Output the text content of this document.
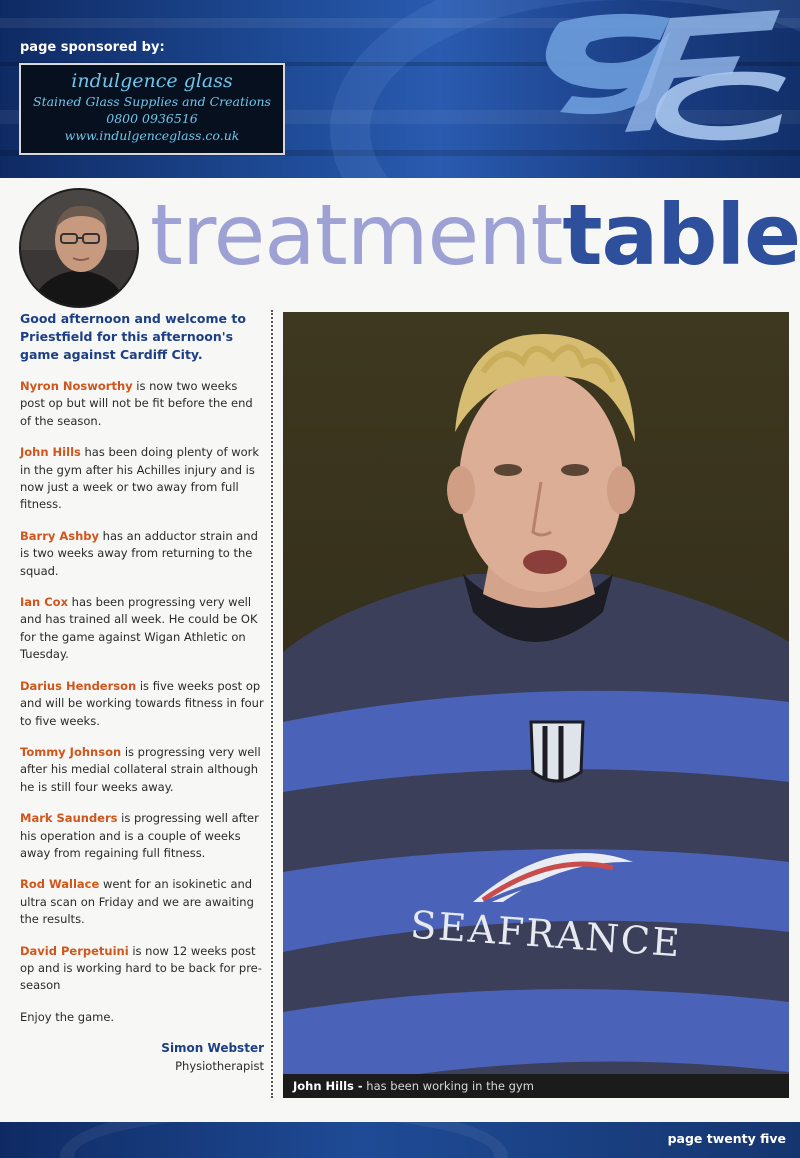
page sponsored by:
indulgence glass
Stained Glass Supplies and Creations
0800 0936516
www.indulgenceglass.co.uk
treatmenttable

Good afternoon and welcome to Priestfield for this afternoon's game against Cardiff City.

Nyron Nosworthy is now two weeks post op but will not be fit before the end of the season.

John Hills has been doing plenty of work in the gym after his Achilles injury and is now just a week or two away from full fitness.

Barry Ashby has an adductor strain and is two weeks away from returning to the squad.

Ian Cox has been progressing very well and has trained all week. He could be OK for the game against Wigan Athletic on Tuesday.

Darius Henderson is five weeks post op and will be working towards fitness in four to five weeks.

Tommy Johnson is progressing very well after his medial collateral strain although he is still four weeks away.

Mark Saunders is progressing well after his operation and is a couple of weeks away from regaining full fitness.

Rod Wallace went for an isokinetic and ultra scan on Friday and we are awaiting the results.

David Perpetuini is now 12 weeks post op and is working hard to be back for pre-season

Enjoy the game.

Simon Webster
Physiotherapist
SEAFRANCE
John Hills - has been working in the gym
page twenty five
